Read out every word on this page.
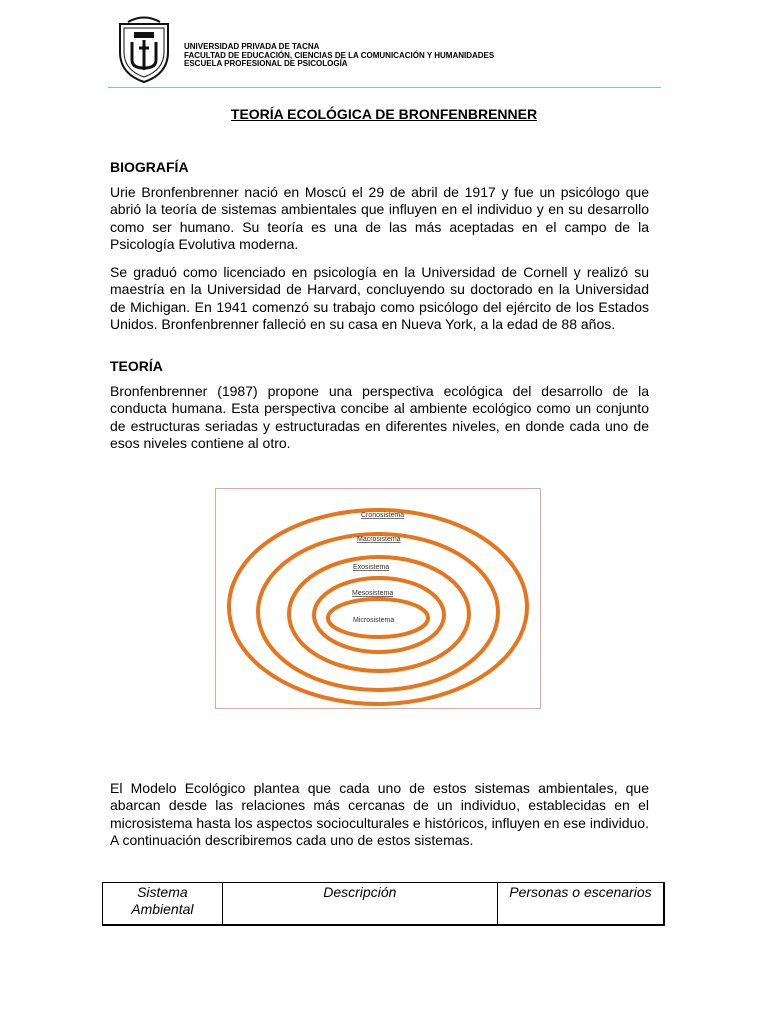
UNIVERSIDAD PRIVADA DE TACNA
FACULTAD DE EDUCACIÓN, CIENCIAS DE LA COMUNICACIÓN Y HUMANIDADES
ESCUELA PROFESIONAL DE PSICOLOGÍA
TEORÍA ECOLÓGICA DE BRONFENBRENNER
BIOGRAFÍA
Urie Bronfenbrenner nació en Moscú el 29 de abril de 1917 y fue un psicólogo que abrió la teoría de sistemas ambientales que influyen en el individuo y en su desarrollo como ser humano. Su teoría es una de las más aceptadas en el campo de la Psicología Evolutiva moderna.
Se graduó como licenciado en psicología en la Universidad de Cornell y realizó su maestría en la Universidad de Harvard, concluyendo su doctorado en la Universidad de Michigan. En 1941 comenzó su trabajo como psicólogo del ejército de los Estados Unidos. Bronfenbrenner falleció en su casa en Nueva York, a la edad de 88 años.
TEORÍA
Bronfenbrenner (1987) propone una perspectiva ecológica del desarrollo de la conducta humana. Esta perspectiva concibe al ambiente ecológico como un conjunto de estructuras seriadas y estructuradas en diferentes niveles, en donde cada uno de esos niveles contiene al otro.
Cronosistema
Macrosistema
Exosistema
Mesosistema
Microsistema
El Modelo Ecológico plantea que cada uno de estos sistemas ambientales, que abarcan desde las relaciones más cercanas de un individuo, establecidas en el microsistema hasta los aspectos socioculturales e históricos, influyen en ese individuo. A continuación describiremos cada uno de estos sistemas.
Sistema Ambiental	Descripción	Personas o escenarios
